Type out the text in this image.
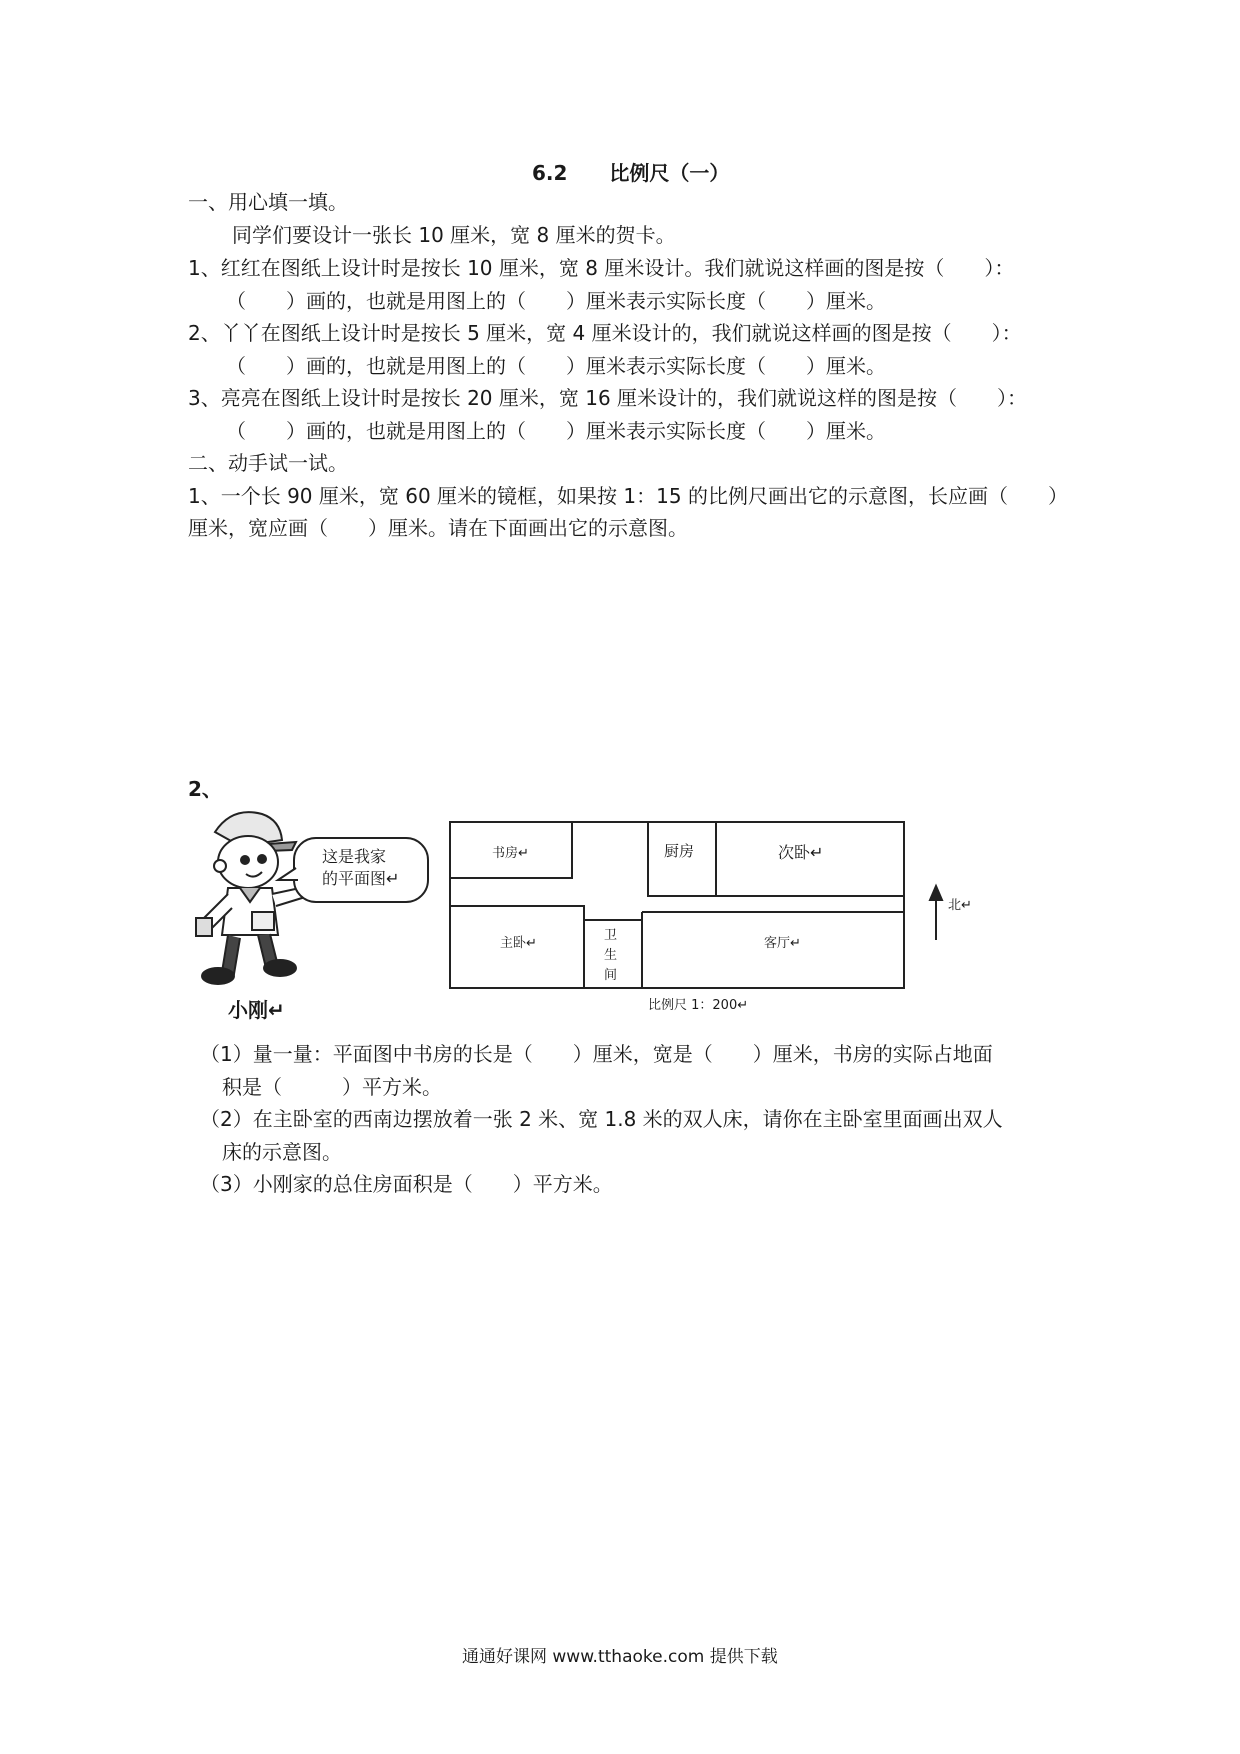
6.2 比例尺（一）
一、用心填一填。
同学们要设计一张长 10 厘米，宽 8 厘米的贺卡。
1、红红在图纸上设计时是按长 10 厘米，宽 8 厘米设计。我们就说这样画的图是按（　　）：
（　　）画的，也就是用图上的（　　）厘米表示实际长度（　　）厘米。
2、丫丫在图纸上设计时是按长 5 厘米，宽 4 厘米设计的，我们就说这样画的图是按（　　）：
（　　）画的，也就是用图上的（　　）厘米表示实际长度（　　）厘米。
3、亮亮在图纸上设计时是按长 20 厘米，宽 16 厘米设计的，我们就说这样的图是按（　　）：
（　　）画的，也就是用图上的（　　）厘米表示实际长度（　　）厘米。
二、动手试一试。
1、一个长 90 厘米，宽 60 厘米的镜框，如果按 1：15 的比例尺画出它的示意图，长应画（　　）
厘米，宽应画（　　）厘米。请在下面画出它的示意图。
2、
这是我家
的平面图↵
小刚↵
书房↵	厨房	次卧↵
主卧↵
卫
生
间
客厅↵
北↵
比例尺 1：200↵
（1）量一量：平面图中书房的长是（　　）厘米，宽是（　　）厘米，书房的实际占地面
积是（　　　）平方米。
（2）在主卧室的西南边摆放着一张 2 米、宽 1.8 米的双人床，请你在主卧室里面画出双人
床的示意图。
（3）小刚家的总住房面积是（　　）平方米。
通通好课网 www.tthaoke.com 提供下载
